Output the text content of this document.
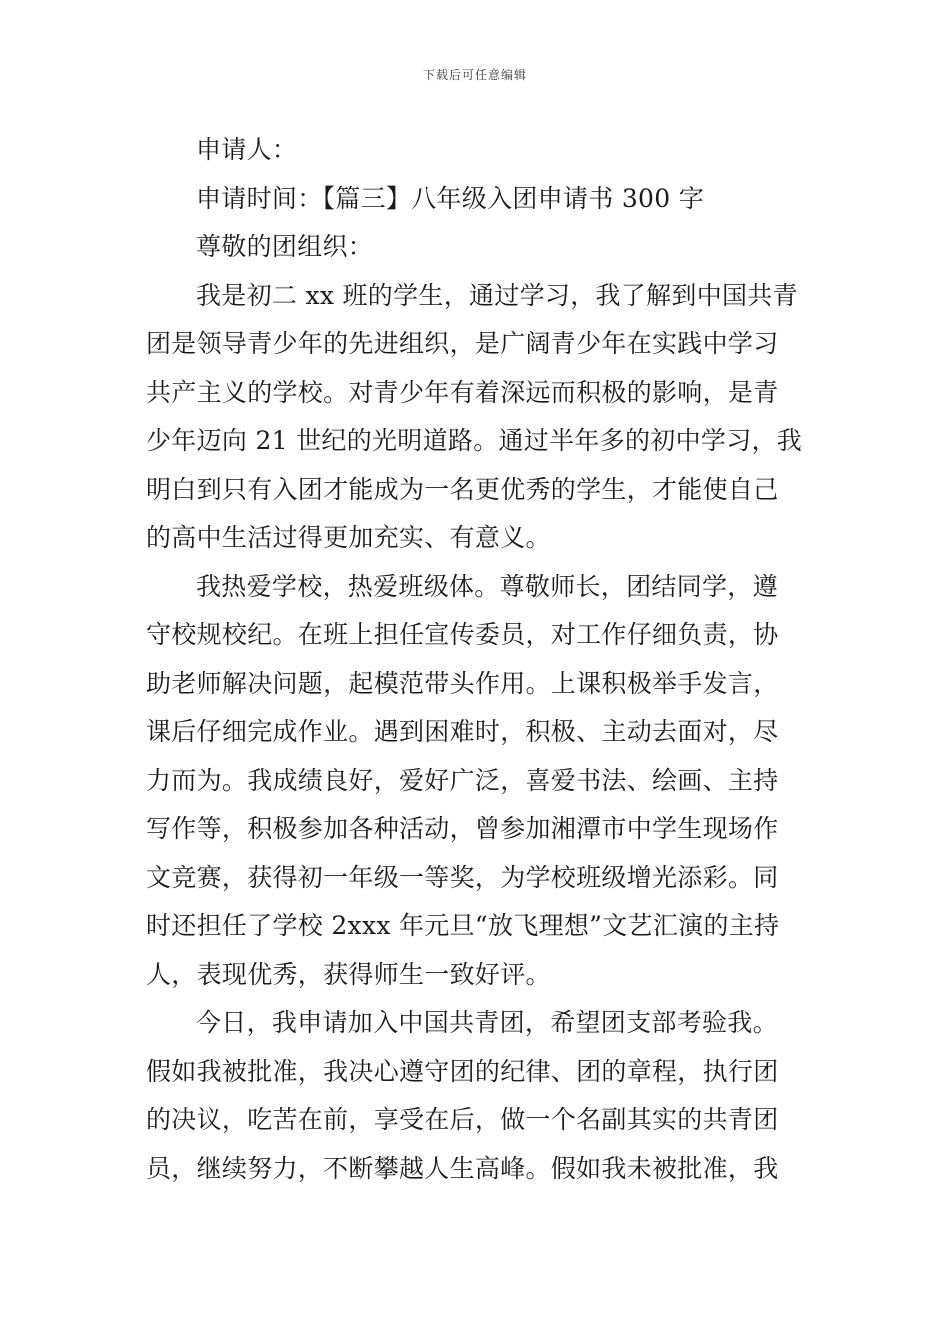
下载后可任意编辑
申请人：
申请时间：【篇三】八年级入团申请书 300 字
尊敬的团组织：
我是初二 xx 班的学生，通过学习，我了解到中国共青
团是领导青少年的先进组织，是广阔青少年在实践中学习
共产主义的学校。对青少年有着深远而积极的影响，是青
少年迈向 21 世纪的光明道路。通过半年多的初中学习，我
明白到只有入团才能成为一名更优秀的学生，才能使自己
的高中生活过得更加充实、有意义。
我热爱学校，热爱班级体。尊敬师长，团结同学，遵
守校规校纪。在班上担任宣传委员，对工作仔细负责，协
助老师解决问题，起模范带头作用。上课积极举手发言，
课后仔细完成作业。遇到困难时，积极、主动去面对，尽
力而为。我成绩良好，爱好广泛，喜爱书法、绘画、主持
写作等，积极参加各种活动，曾参加湘潭市中学生现场作
文竞赛，获得初一年级一等奖，为学校班级增光添彩。同
时还担任了学校 2xxx 年元旦“放飞理想”文艺汇演的主持
人，表现优秀，获得师生一致好评。
今日，我申请加入中国共青团，希望团支部考验我。
假如我被批准，我决心遵守团的纪律、团的章程，执行团
的决议，吃苦在前，享受在后，做一个名副其实的共青团
员，继续努力，不断攀越人生高峰。假如我未被批准，我
